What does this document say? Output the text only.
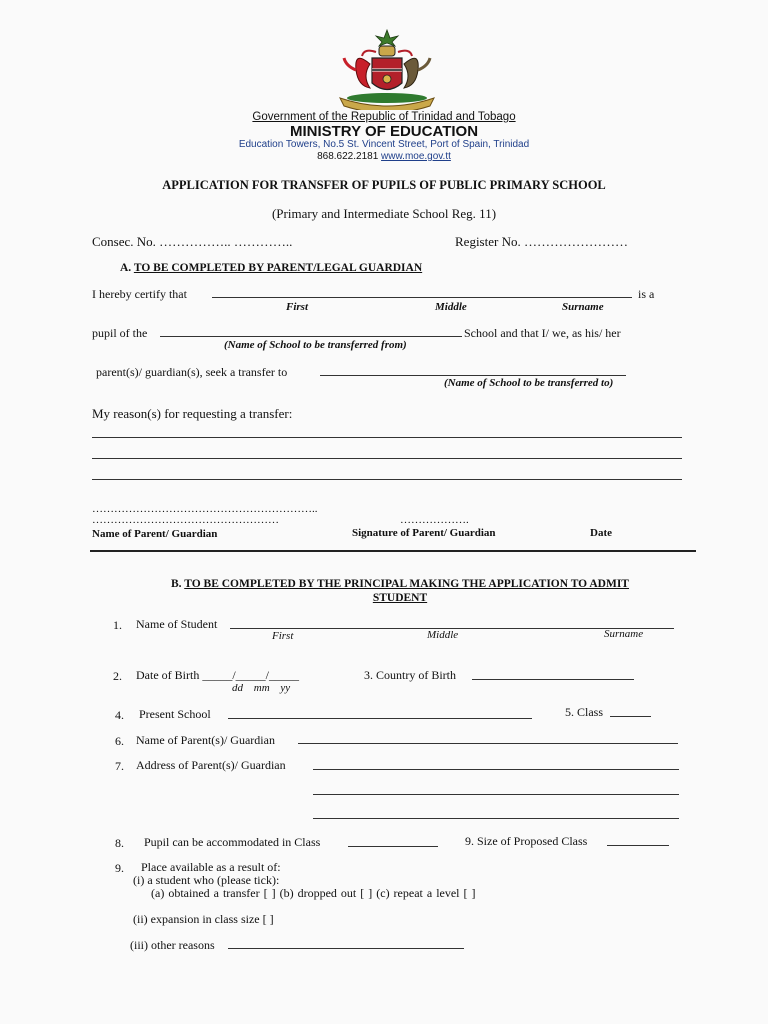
Government of the Republic of Trinidad and Tobago
MINISTRY OF EDUCATION
Education Towers, No.5 St. Vincent Street, Port of Spain, Trinidad
868.622.2181 www.moe.gov.tt
APPLICATION FOR TRANSFER OF PUPILS OF PUBLIC PRIMARY SCHOOL
(Primary and Intermediate School Reg. 11)
Consec. No. …………….. …………..	Register No. ……………………
A. TO BE COMPLETED BY PARENT/LEGAL GUARDIAN
I hereby certify that	is a
First	Middle	Surname
pupil of the	School and that I/ we, as his/ her
(Name of School to be transferred from)
parent(s)/ guardian(s), seek a transfer to
(Name of School to be transferred to)
My reason(s) for requesting a transfer:
……………………………………………………..
……………………………………………	……………….
Name of Parent/ Guardian	Signature of Parent/ Guardian	Date
B. TO BE COMPLETED BY THE PRINCIPAL MAKING THE APPLICATION TO ADMIT
STUDENT
1. Name of Student
First	Middle	Surname
2. Date of Birth _____/_____/_____
dd mm yy
3. Country of Birth
4. Present School	5. Class
6. Name of Parent(s)/ Guardian
7. Address of Parent(s)/ Guardian
8. Pupil can be accommodated in Class	9. Size of Proposed Class
9. Place available as a result of:
(i) a student who (please tick):
(a) obtained a transfer [ ] (b) dropped out [ ] (c) repeat a level [ ]
(ii) expansion in class size [ ]
(iii) other reasons
